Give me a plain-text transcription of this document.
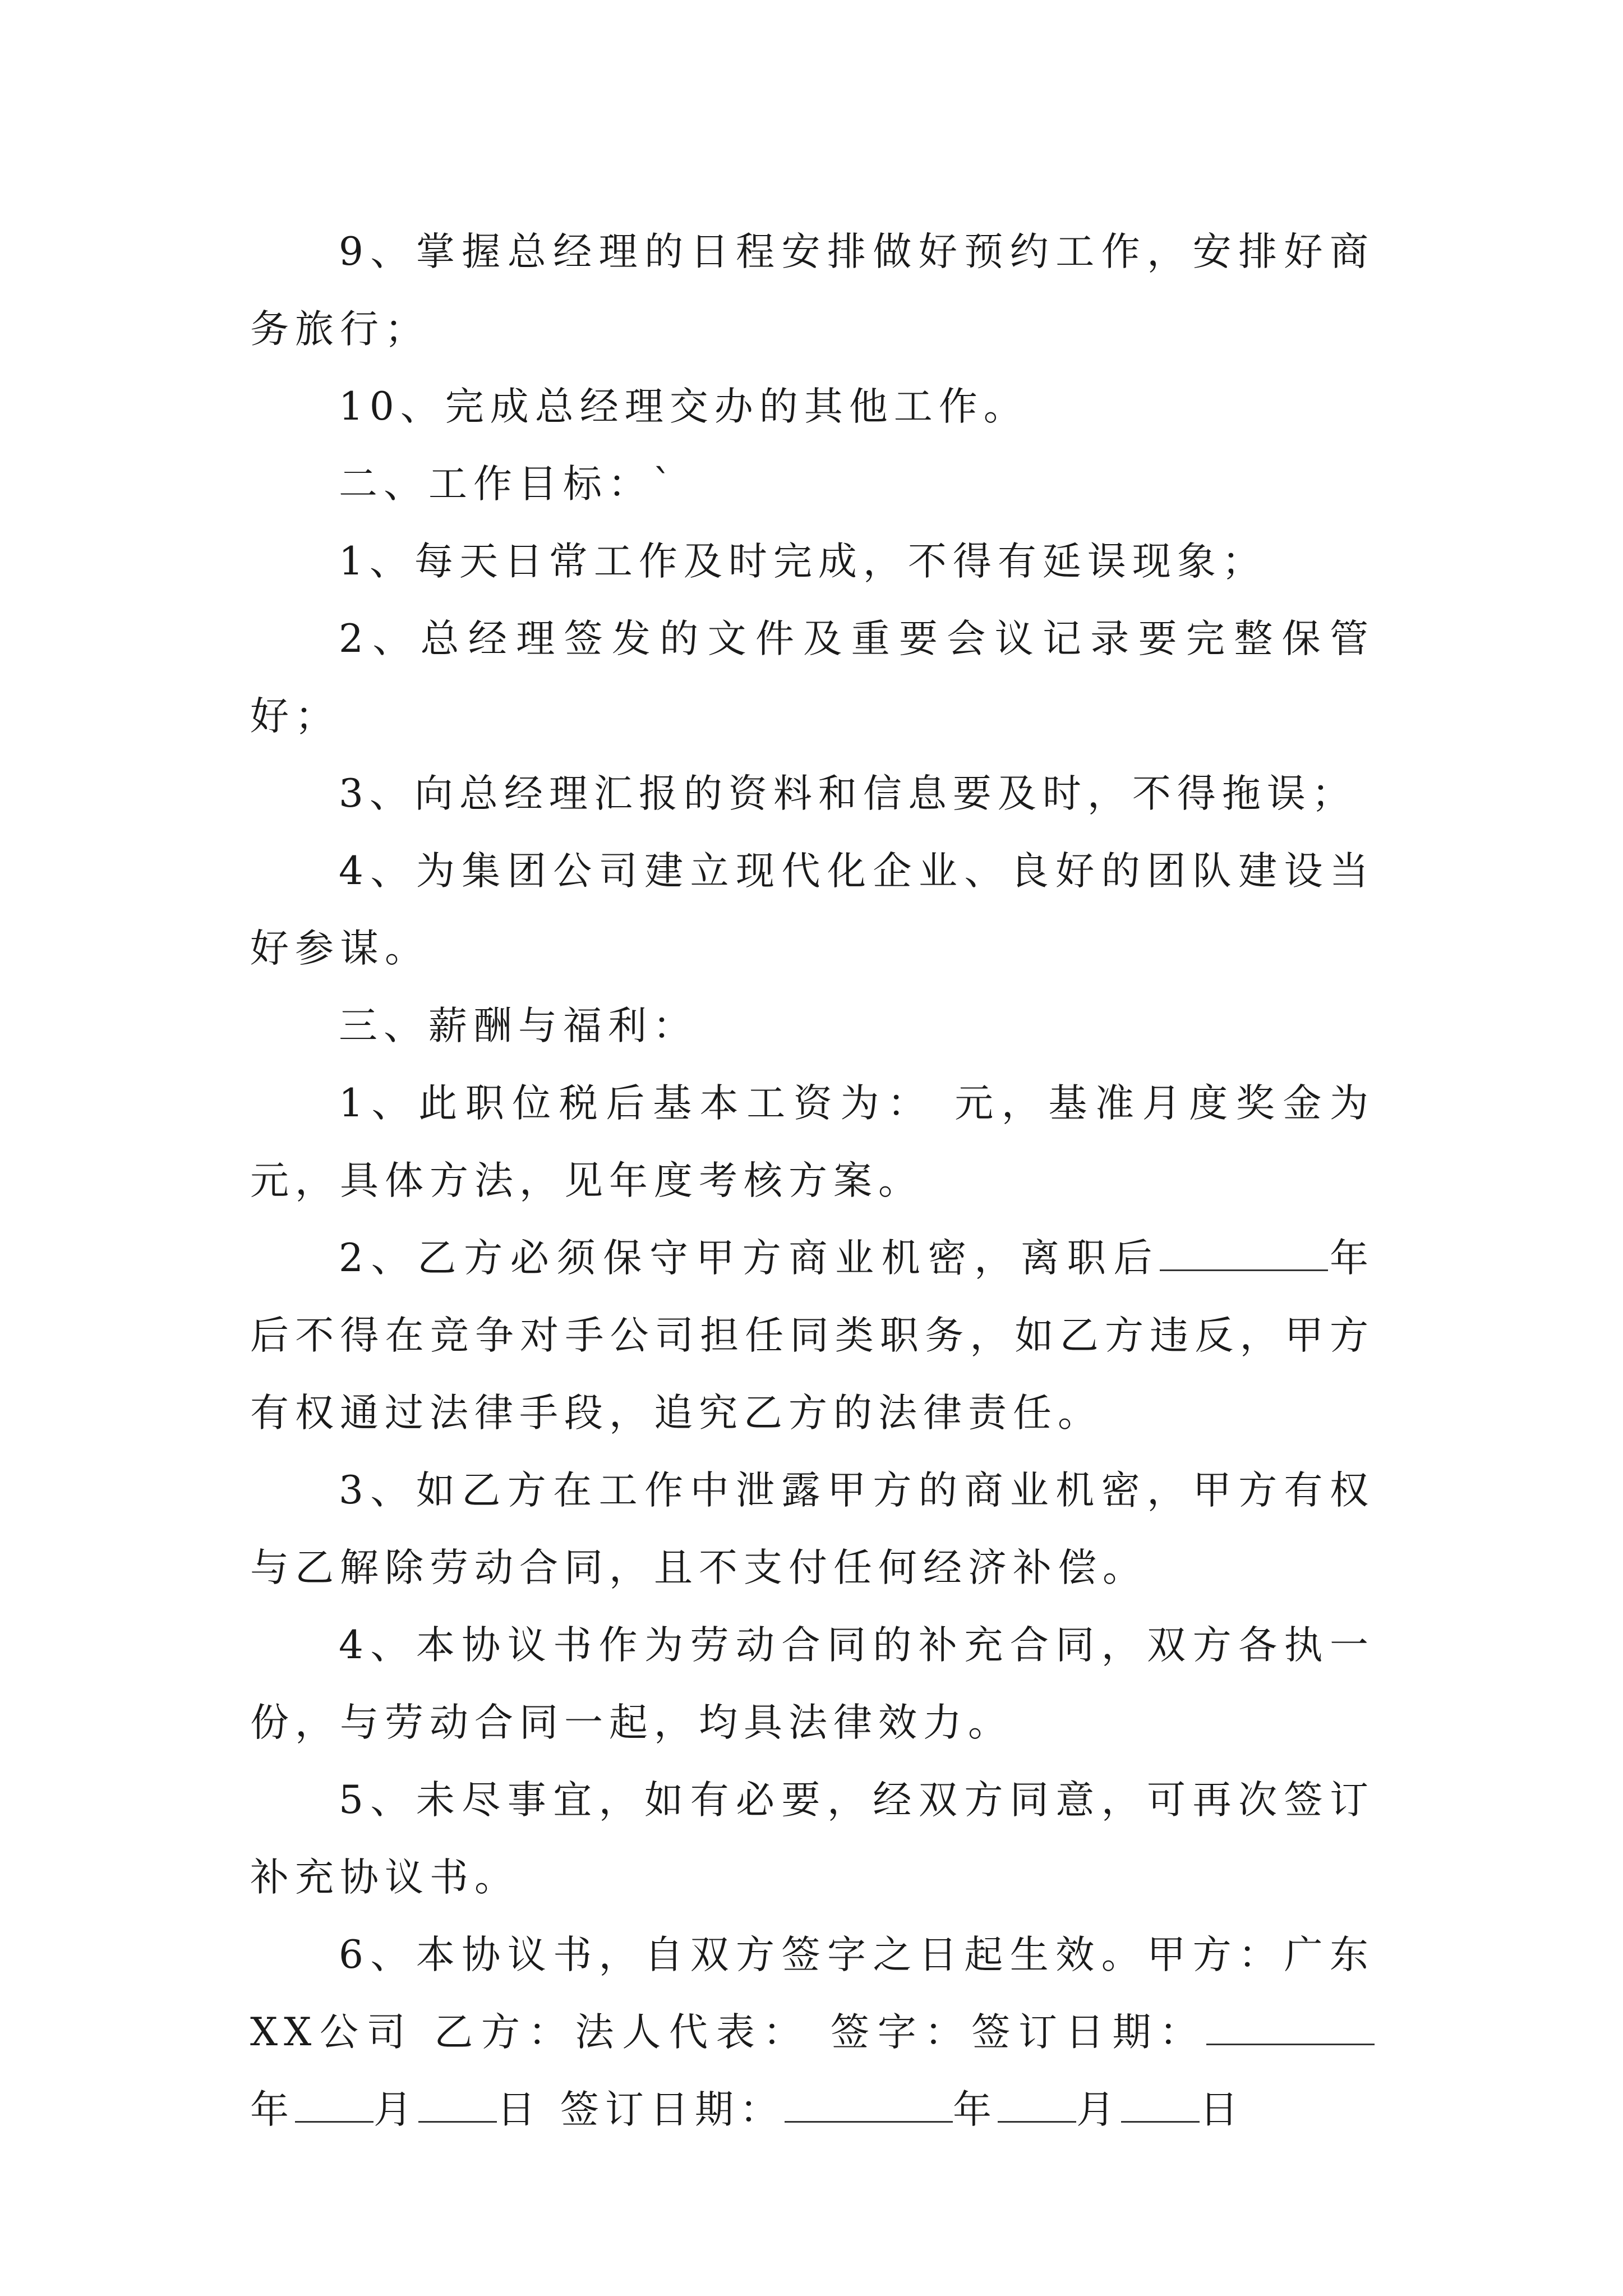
9、掌握总经理的日程安排做好预约工作，安排好商务旅行；

10、完成总经理交办的其他工作。

二、工作目标：`

1、每天日常工作及时完成，不得有延误现象；

2、总经理签发的文件及重要会议记录要完整保管好；

3、向总经理汇报的资料和信息要及时，不得拖误；

4、为集团公司建立现代化企业、良好的团队建设当好参谋。

三、薪酬与福利：

1、此职位税后基本工资为： 元，基准月度奖金为 元，具体方法，见年度考核方案。

2、乙方必须保守甲方商业机密，离职后	年后不得在竞争对手公司担任同类职务，如乙方违反，甲方有权通过法律手段，追究乙方的法律责任。

3、如乙方在工作中泄露甲方的商业机密，甲方有权与乙解除劳动合同，且不支付任何经济补偿。

4、本协议书作为劳动合同的补充合同，双方各执一份，与劳动合同一起，均具法律效力。

5、未尽事宜，如有必要，经双方同意，可再次签订补充协议书。

6、本协议书，自双方签字之日起生效。甲方：广东XX公司 乙方：法人代表： 签字：签订日期：年 月 日 签订日期：	年 月 日
